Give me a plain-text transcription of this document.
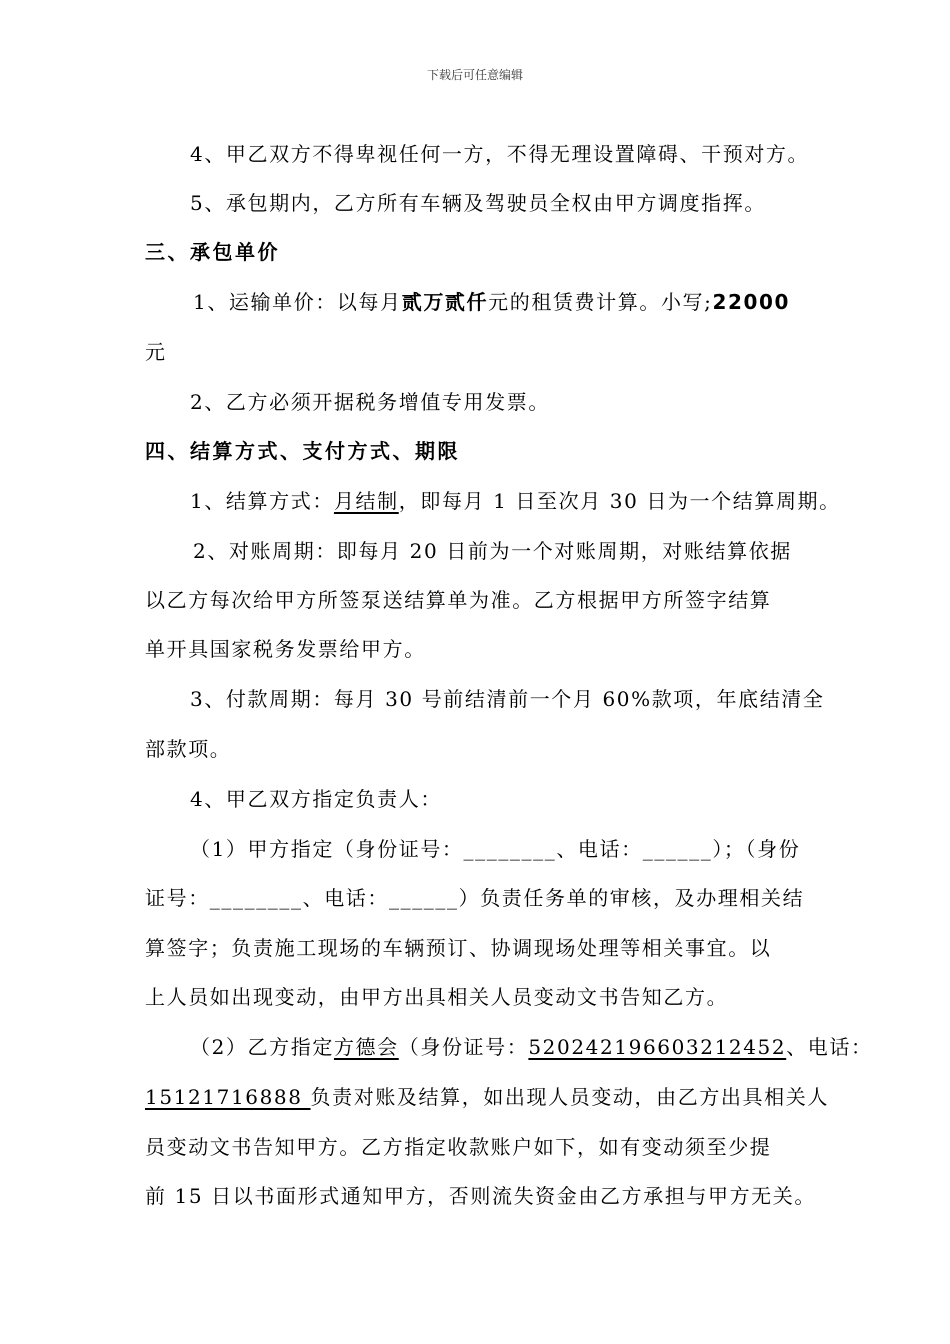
下载后可任意编辑
4、甲乙双方不得卑视任何一方，不得无理设置障碍、干预对方。
5、承包期内，乙方所有车辆及驾驶员全权由甲方调度指挥。
三、承包单价
1、运输单价：以每月贰万贰仟元的租赁费计算。小写;22000
元
2、乙方必须开据税务增值专用发票。
四、结算方式、支付方式、期限
1、结算方式：月结制，即每月 1 日至次月 30 日为一个结算周期。
2、对账周期：即每月 20 日前为一个对账周期，对账结算依据
以乙方每次给甲方所签泵送结算单为准。乙方根据甲方所签字结算
单开具国家税务发票给甲方。
3、付款周期：每月 30 号前结清前一个月 60%款项，年底结清全
部款项。
4、甲乙双方指定负责人：
（1）甲方指定（身份证号：________、电话：______）；（身份
证号：________、电话：______）负责任务单的审核，及办理相关结
算签字；负责施工现场的车辆预订、协调现场处理等相关事宜。以
上人员如出现变动，由甲方出具相关人员变动文书告知乙方。
（2）乙方指定方德会（身份证号：520242196603212452、电话：
15121716888 负责对账及结算，如出现人员变动，由乙方出具相关人
员变动文书告知甲方。乙方指定收款账户如下，如有变动须至少提
前 15 日以书面形式通知甲方，否则流失资金由乙方承担与甲方无关。
